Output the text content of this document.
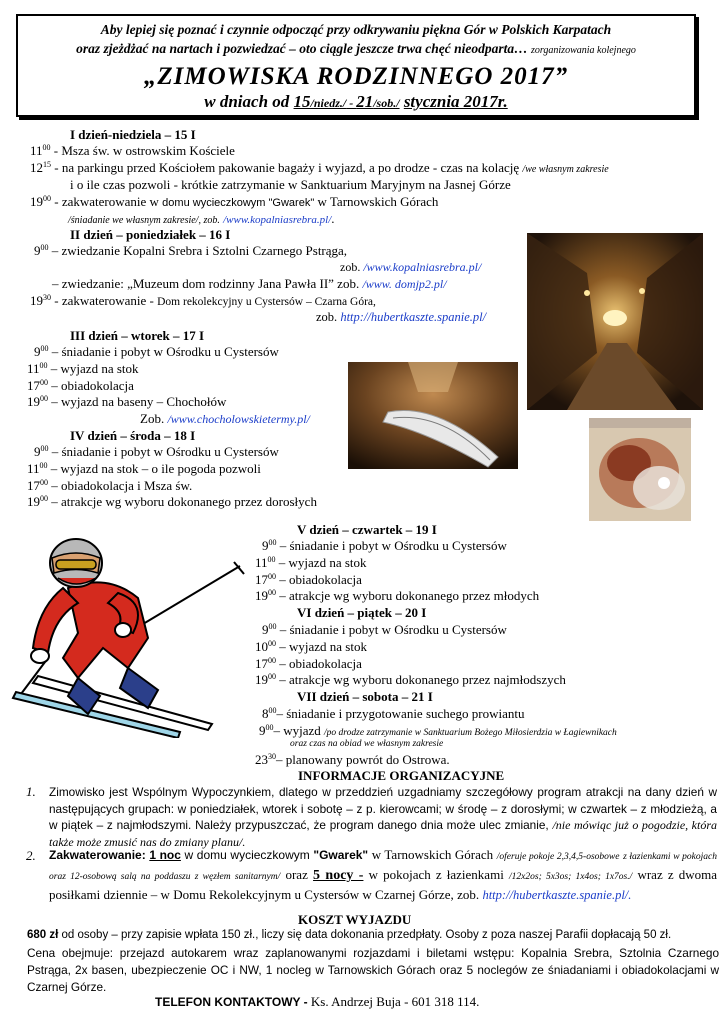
Aby lepiej się poznać i czynnie odpocząć przy odkrywaniu piękna Gór w Polskich Karpatach
oraz zjeżdżać na nartach i pozwiedzać – oto ciągle jeszcze trwa chęć nieodparta… zorganizowania kolejnego
„ZIMOWISKA RODZINNEGO 2017”
w dniach od 15/niedz./ - 21/sob./ stycznia 2017r.
I dzień-niedziela – 15 I
$11^{00}$ - Msza św. w ostrowskim Kościele
$12^{15}$ - na parkingu przed Kościołem pakowanie bagaży i wyjazd, a po drodze - czas na kolację /we własnym zakresie
i o ile czas pozwoli - krótkie zatrzymanie w Sanktuarium Maryjnym na Jasnej Górze
$19^{00}$ - zakwaterowanie w domu wycieczkowym "Gwarek" w Tarnowskich Górach
/śniadanie we własnym zakresie/, zob. /www.kopalniasrebra.pl/.
II dzień – poniedziałek – 16 I
$9^{00}$ – zwiedzanie Kopalni Srebra i Sztolni Czarnego Pstrąga,
zob. /www.kopalniasrebra.pl/
– zwiedzanie: „Muzeum dom rodzinny Jana Pawła II” zob. /www. domjp2.pl/
$19^{30}$ - zakwaterowanie - Dom rekolekcyjny u Cystersów – Czarna Góra,
zob. http://hubertkaszte.spanie.pl/
III dzień – wtorek – 17 I
$9^{00}$ – śniadanie i pobyt w Ośrodku u Cystersów
$11^{00}$ – wyjazd na stok
$17^{00}$ – obiadokolacja
$19^{00}$ – wyjazd na baseny – Chochołów
Zob. /www.chocholowskietermy.pl/
IV dzień – środa – 18 I
$9^{00}$ – śniadanie i pobyt w Ośrodku u Cystersów
$11^{00}$ – wyjazd na stok – o ile pogoda pozwoli
$17^{00}$ – obiadokolacja i Msza św.
$19^{00}$ – atrakcje wg wyboru dokonanego przez dorosłych
V dzień – czwartek – 19 I
$9^{00}$ – śniadanie i pobyt w Ośrodku u Cystersów
$11^{00}$ – wyjazd na stok
$17^{00}$ – obiadokolacja
$19^{00}$ – atrakcje wg wyboru dokonanego przez młodych
VI dzień – piątek – 20 I
$9^{00}$ – śniadanie i pobyt w Ośrodku u Cystersów
$10^{00}$ – wyjazd na stok
$17^{00}$ – obiadokolacja
$19^{00}$ – atrakcje wg wyboru dokonanego przez najmłodszych
VII dzień – sobota – 21 I
$8^{00}-$ śniadanie i przygotowanie suchego prowiantu
$9^{00}-$ wyjazd /po drodze zatrzymanie w Sanktuarium Bożego Miłosierdzia w Łagiewnikach
oraz czas na obiad we własnym zakresie
$23^{30}-$ planowany powrót do Ostrowa.
INFORMACJE ORGANIZACYJNE
1. Zimowisko jest Wspólnym Wypoczynkiem, dlatego w przeddzień uzgadniamy szczegółowy program atrakcji na dany dzień w następujących grupach: w poniedziałek, wtorek i sobotę – z p. kierowcami; w środę – z dorosłymi; w czwartek – z młodzieżą, a w piątek – z najmłodszymi. Należy przypuszczać, że program danego dnia może ulec zmianie, /nie mówiąc już o pogodzie, która także może zmusić nas do zmiany planu/.

2. Zakwaterowanie: 1 noc w domu wycieczkowym "Gwarek" w Tarnowskich Górach /oferuje pokoje 2,3,4,5-osobowe z łazienkami w pokojach oraz 12-osobową salą na poddaszu z węzłem sanitarnym/ oraz 5 nocy - w pokojach z łazienkami /12x2os; 5x3os; 1x4os; 1x7os./ wraz z dwoma posiłkami dziennie – w Domu Rekolekcyjnym u Cystersów w Czarnej Górze, zob. http://hubertkaszte.spanie.pl/.

KOSZT WYJAZDU
680 zł od osoby – przy zapisie wpłata 150 zł., liczy się data dokonania przedpłaty. Osoby z poza naszej Parafii dopłacają 50 zł.

Cena obejmuje: przejazd autokarem wraz zaplanowanymi rozjazdami i biletami wstępu: Kopalnia Srebra, Sztolnia Czarnego Pstrąga, 2x basen, ubezpieczenie OC i NW, 1 nocleg w Tarnowskich Górach oraz 5 noclegów ze śniadaniami i obiadokolacjami w Czarnej Górze.

TELEFON KONTAKTOWY - Ks. Andrzej Buja - 601 318 114.
